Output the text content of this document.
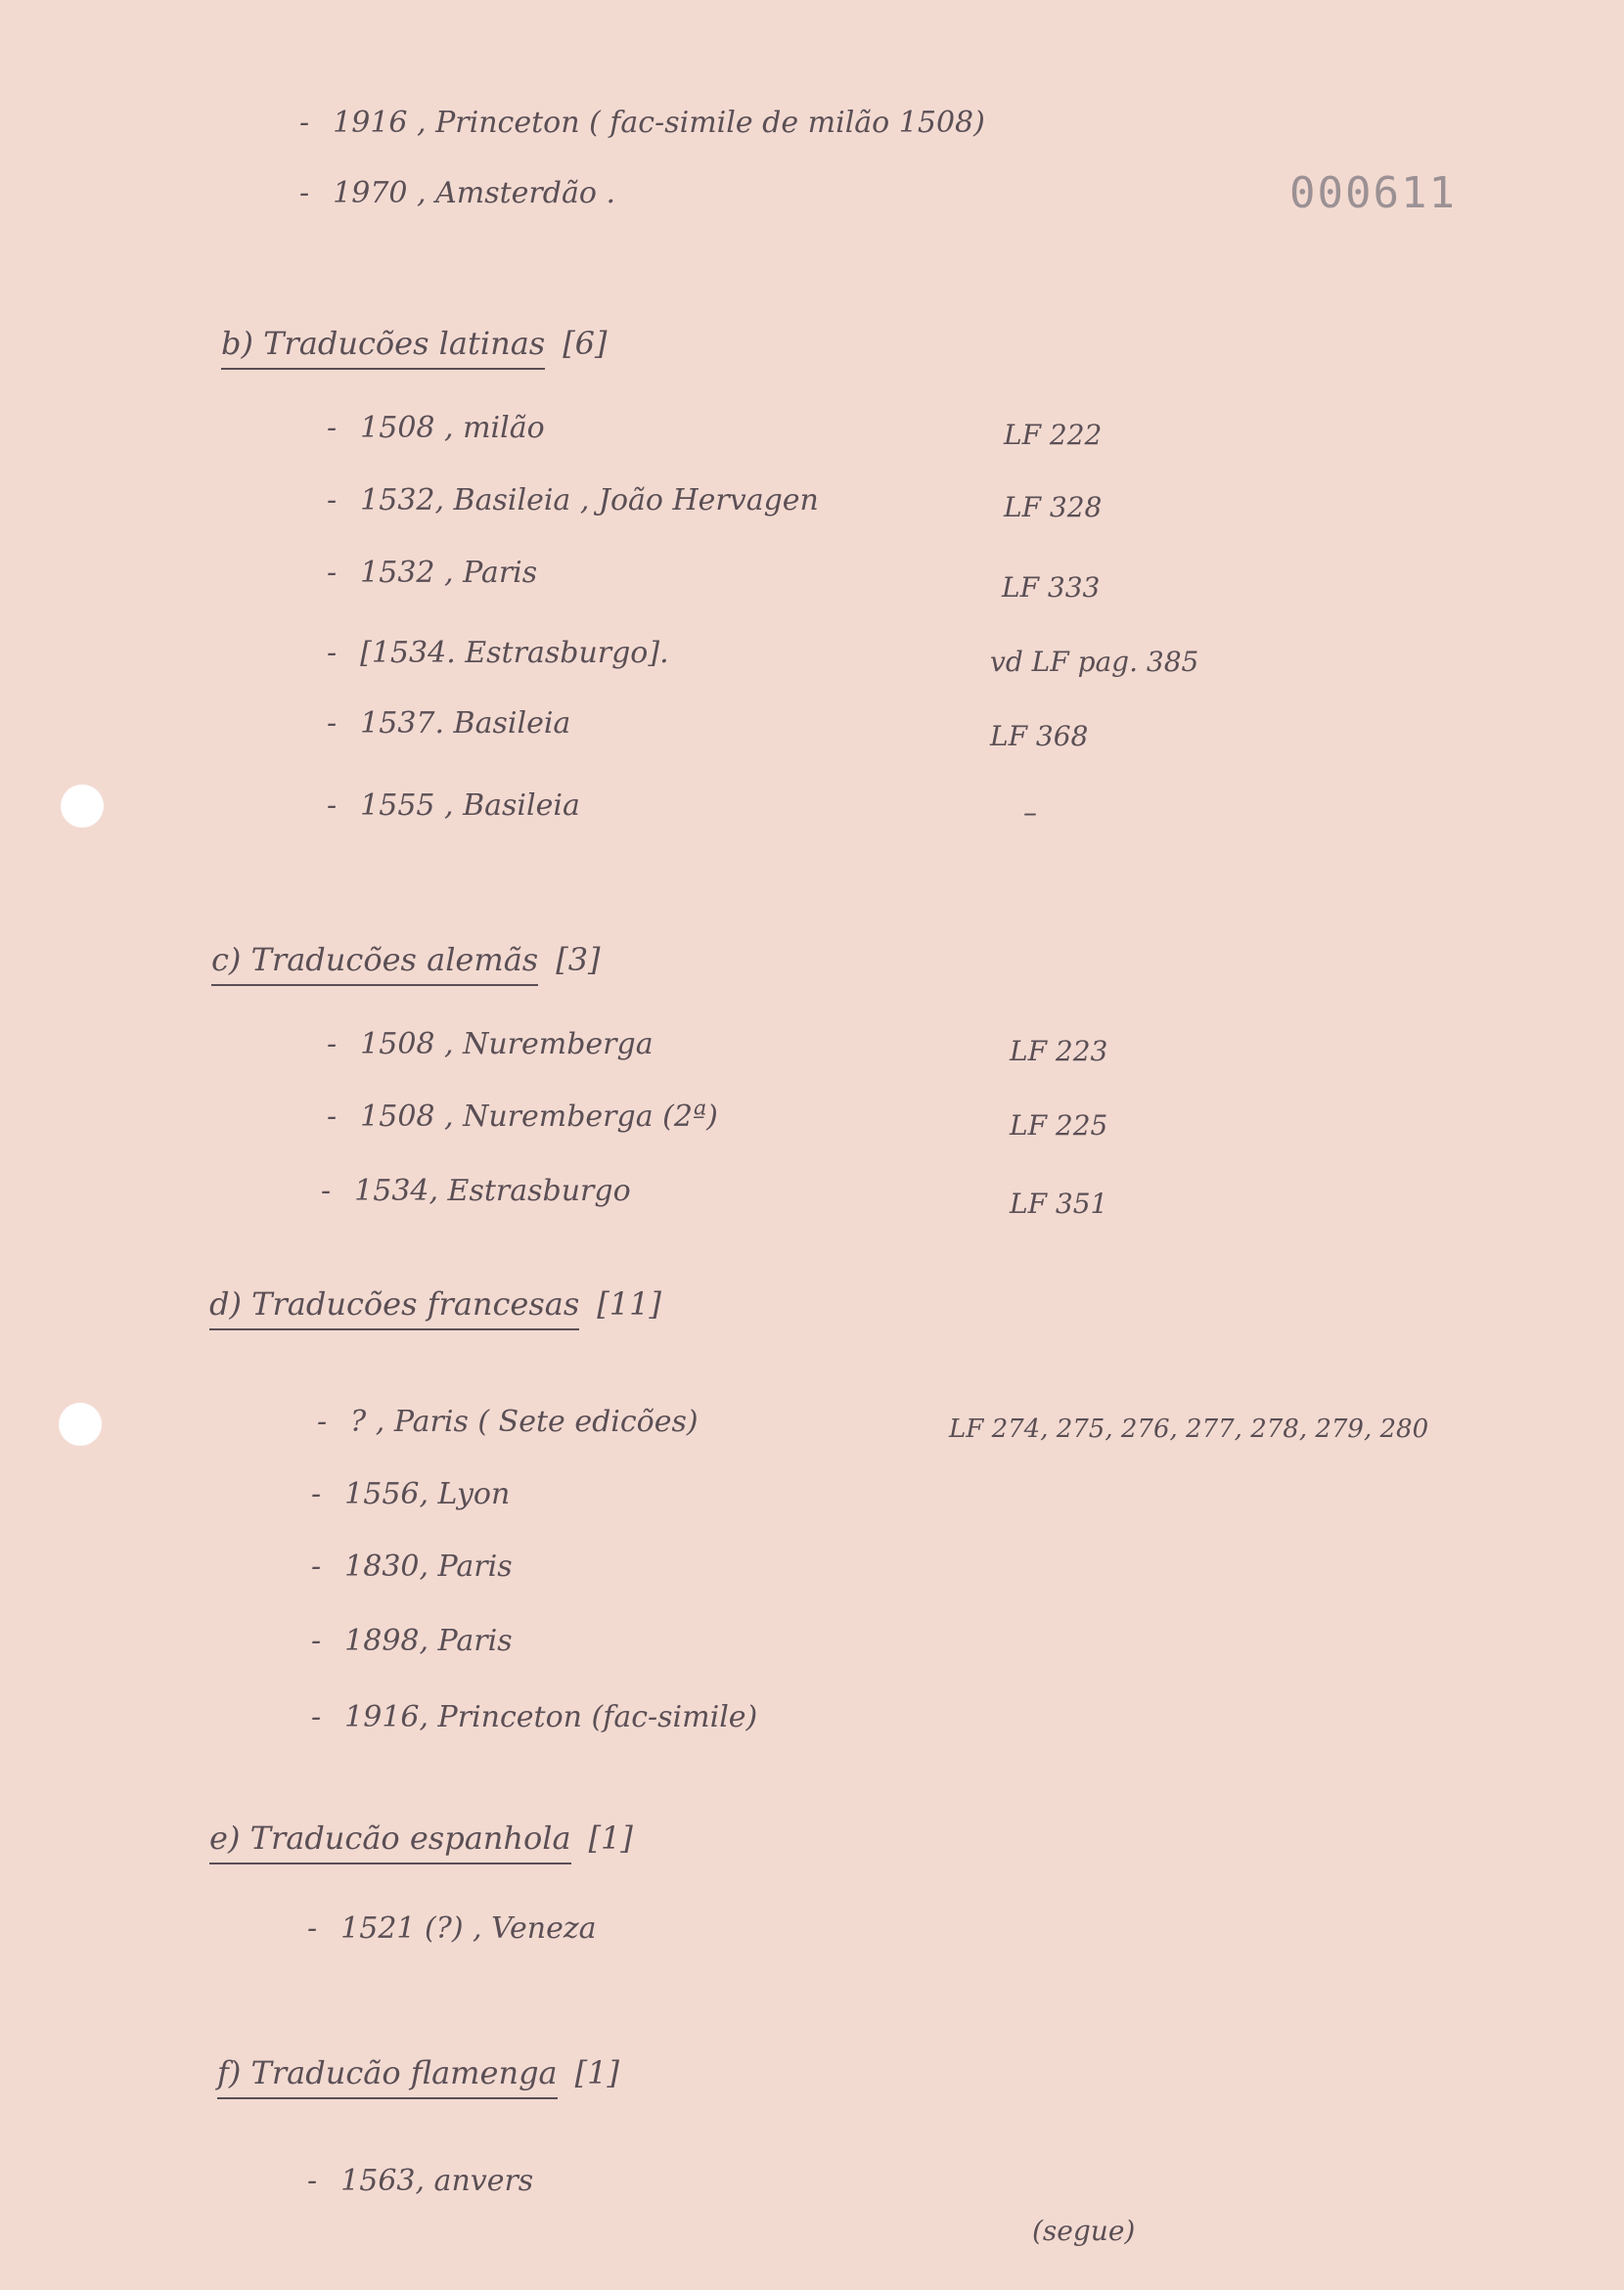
000611
- 1916 , Princeton ( fac-simile de milão 1508)
- 1970 , Amsterdão .
b) Traducões latinas [6]
- 1508 , milão	LF 222
- 1532, Basileia , João Hervagen	LF 328
- 1532 , Paris	LF 333
- [1534. Estrasburgo].	vd LF pag. 385
- 1537. Basileia	LF 368
- 1555 , Basileia	–
c) Traducões alemãs [3]
- 1508 , Nuremberga	LF 223
- 1508 , Nuremberga (2ª)	LF 225
- 1534, Estrasburgo	LF 351
d) Traducões francesas [11]
- ? , Paris ( Sete edicões)	LF 274, 275, 276, 277, 278, 279, 280
- 1556, Lyon
- 1830, Paris
- 1898, Paris
- 1916, Princeton (fac-simile)
e) Traducão espanhola [1]
- 1521 (?) , Veneza
f) Traducão flamenga [1]
- 1563, anvers
(segue)
